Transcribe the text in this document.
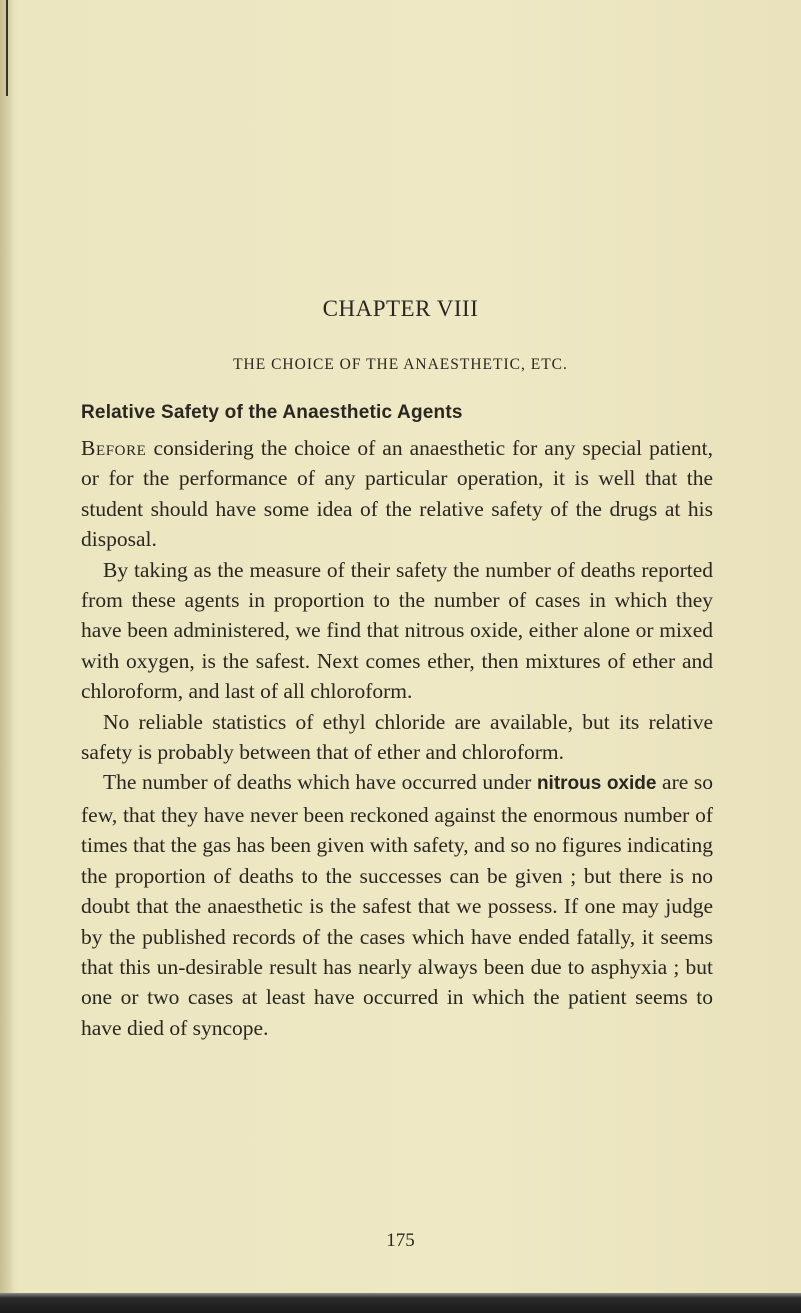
CHAPTER VIII
THE CHOICE OF THE ANAESTHETIC, ETC.
Relative Safety of the Anaesthetic Agents

Before considering the choice of an anaesthetic for any special patient, or for the performance of any particular operation, it is well that the student should have some idea of the relative safety of the drugs at his disposal.

By taking as the measure of their safety the number of deaths reported from these agents in proportion to the number of cases in which they have been administered, we find that nitrous oxide, either alone or mixed with oxygen, is the safest. Next comes ether, then mixtures of ether and chloroform, and last of all chloroform.

No reliable statistics of ethyl chloride are available, but its relative safety is probably between that of ether and chloroform.

The number of deaths which have occurred under nitrous oxide are so few, that they have never been reckoned against the enormous number of times that the gas has been given with safety, and so no figures indicating the proportion of deaths to the successes can be given ; but there is no doubt that the anaesthetic is the safest that we possess. If one may judge by the published records of the cases which have ended fatally, it seems that this un-desirable result has nearly always been due to asphyxia ; but one or two cases at least have occurred in which the patient seems to have died of syncope.

175
